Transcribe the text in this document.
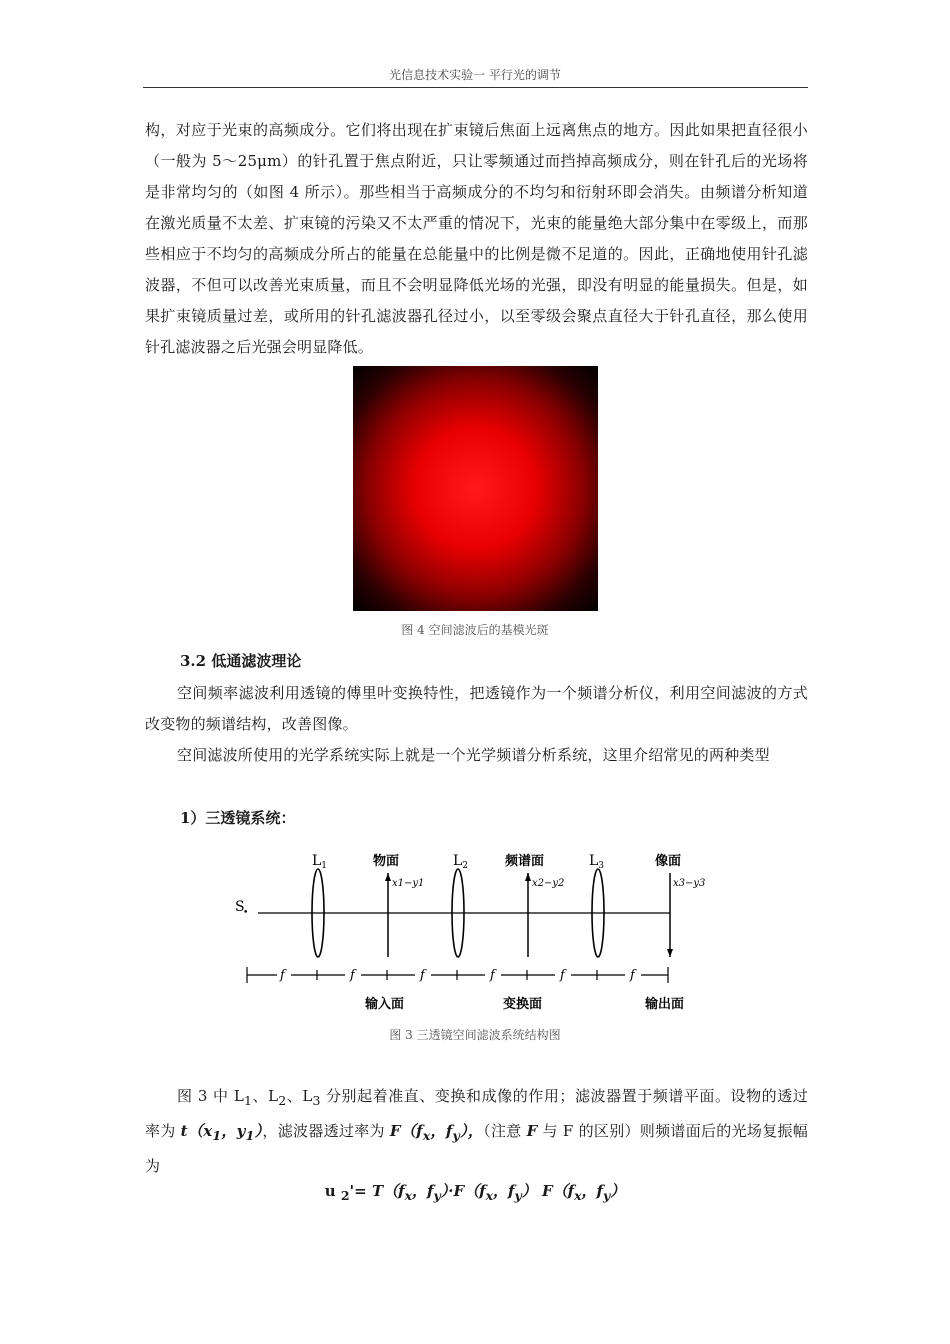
光信息技术实验一 平行光的调节

构，对应于光束的高频成分。它们将出现在扩束镜后焦面上远离焦点的地方。因此如果把直径很小（一般为 5～25μm）的针孔置于焦点附近，只让零频通过而挡掉高频成分，则在针孔后的光场将是非常均匀的（如图 4 所示）。那些相当于高频成分的不均匀和衍射环即会消失。由频谱分析知道在激光质量不太差、扩束镜的污染又不太严重的情况下，光束的能量绝大部分集中在零级上，而那些相应于不均匀的高频成分所占的能量在总能量中的比例是微不足道的。因此，正确地使用针孔滤波器，不但可以改善光束质量，而且不会明显降低光场的光强，即没有明显的能量损失。但是，如果扩束镜质量过差，或所用的针孔滤波器孔径过小，以至零级会聚点直径大于针孔直径，那么使用针孔滤波器之后光强会明显降低。

图 4 空间滤波后的基模光斑
3.2 低通滤波理论

空间频率滤波利用透镜的傅里叶变换特性，把透镜作为一个频谱分析仪，利用空间滤波的方式改变物的频谱结构，改善图像。

空间滤波所使用的光学系统实际上就是一个光学频谱分析系统，这里介绍常见的两种类型

1）三透镜系统：
S
•
$L_1$	物面	$L_2$	频谱面	$L_3$	像面
x1−y1	x2−y2	x3−y3
f	f	f	f	f	f
输入面	变换面	输出面
图 3 三透镜空间滤波系统结构图

图 3 中 $L_1$、$L_2$、$L_3$ 分别起着准直、变换和成像的作用；滤波器置于频谱平面。设物的透过率为 $t(x_1$，$y_1$），滤波器透过率为 $F(f_x$，$f_y$），（注意 F 与 F 的区别）则频谱面后的光场复振幅为

u $_2'= T(f_x$，$f_y)\cdot F(f_x$，$f_y$） $F(f_x$，$f_y$）
